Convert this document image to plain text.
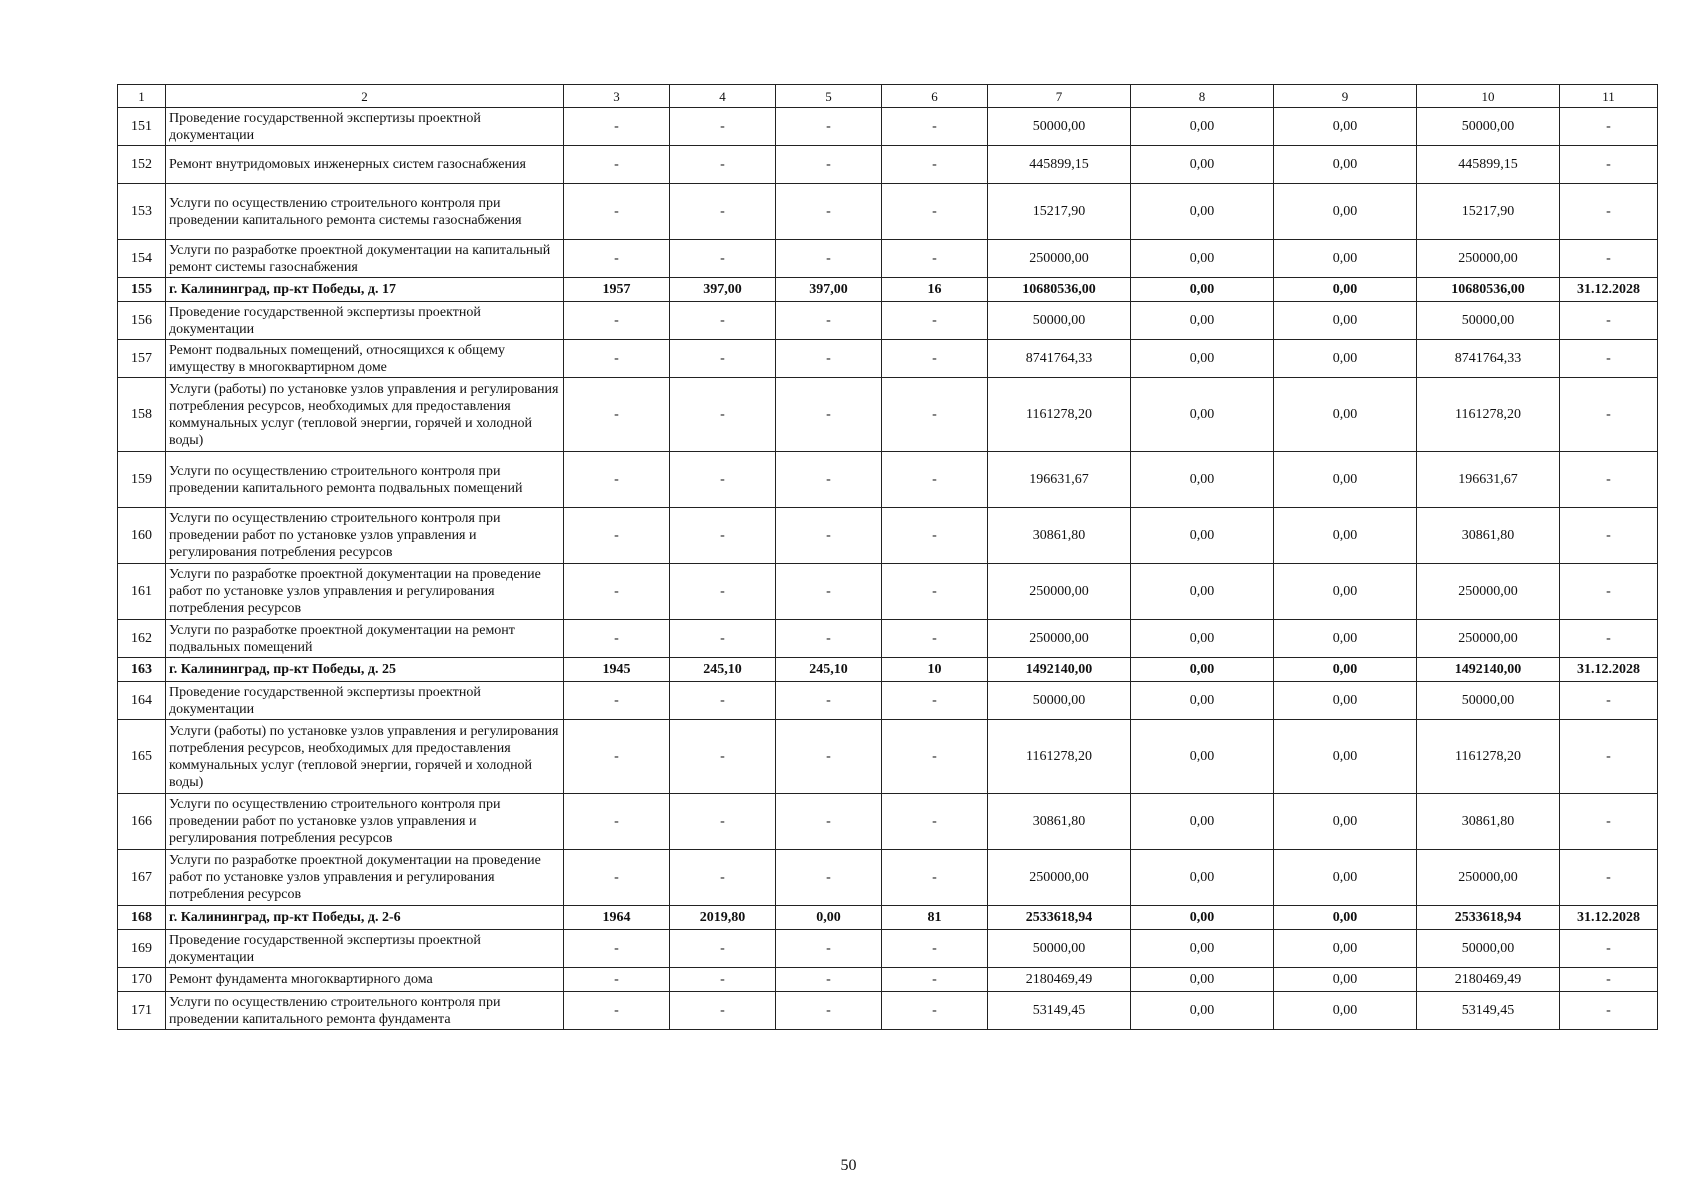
1	2	3	4	5	6	7	8	9	10	11
151	Проведение государственной экспертизы проектной документации	-	-	-	-	50000,00	0,00	0,00	50000,00	-
152	Ремонт внутридомовых инженерных систем газоснабжения	-	-	-	-	445899,15	0,00	0,00	445899,15	-
153	Услуги по осуществлению строительного контроля при проведении капитального ремонта системы газоснабжения	-	-	-	-	15217,90	0,00	0,00	15217,90	-
154	Услуги по разработке проектной документации на капитальный ремонт системы газоснабжения	-	-	-	-	250000,00	0,00	0,00	250000,00	-
155	г. Калининград, пр-кт Победы, д. 17	1957	397,00	397,00	16	10680536,00	0,00	0,00	10680536,00	31.12.2028
156	Проведение государственной экспертизы проектной документации	-	-	-	-	50000,00	0,00	0,00	50000,00	-
157	Ремонт подвальных помещений, относящихся к общему имуществу в многоквартирном доме	-	-	-	-	8741764,33	0,00	0,00	8741764,33	-
158	Услуги (работы) по установке узлов управления и регулирования потребления ресурсов, необходимых для предоставления коммунальных услуг (тепловой энергии, горячей и холодной воды)	-	-	-	-	1161278,20	0,00	0,00	1161278,20	-
159	Услуги по осуществлению строительного контроля при проведении капитального ремонта подвальных помещений	-	-	-	-	196631,67	0,00	0,00	196631,67	-
160	Услуги по осуществлению строительного контроля при проведении работ по установке узлов управления и регулирования потребления ресурсов	-	-	-	-	30861,80	0,00	0,00	30861,80	-
161	Услуги по разработке проектной документации на проведение работ по установке узлов управления и регулирования потребления ресурсов	-	-	-	-	250000,00	0,00	0,00	250000,00	-
162	Услуги по разработке проектной документации на ремонт подвальных помещений	-	-	-	-	250000,00	0,00	0,00	250000,00	-
163	г. Калининград, пр-кт Победы, д. 25	1945	245,10	245,10	10	1492140,00	0,00	0,00	1492140,00	31.12.2028
164	Проведение государственной экспертизы проектной документации	-	-	-	-	50000,00	0,00	0,00	50000,00	-
165	Услуги (работы) по установке узлов управления и регулирования потребления ресурсов, необходимых для предоставления коммунальных услуг (тепловой энергии, горячей и холодной воды)	-	-	-	-	1161278,20	0,00	0,00	1161278,20	-
166	Услуги по осуществлению строительного контроля при проведении работ по установке узлов управления и регулирования потребления ресурсов	-	-	-	-	30861,80	0,00	0,00	30861,80	-
167	Услуги по разработке проектной документации на проведение работ по установке узлов управления и регулирования потребления ресурсов	-	-	-	-	250000,00	0,00	0,00	250000,00	-
168	г. Калининград, пр-кт Победы, д. 2-6	1964	2019,80	0,00	81	2533618,94	0,00	0,00	2533618,94	31.12.2028
169	Проведение государственной экспертизы проектной документации	-	-	-	-	50000,00	0,00	0,00	50000,00	-
170	Ремонт фундамента многоквартирного дома	-	-	-	-	2180469,49	0,00	0,00	2180469,49	-
171	Услуги по осуществлению строительного контроля при проведении капитального ремонта фундамента	-	-	-	-	53149,45	0,00	0,00	53149,45	-
50
